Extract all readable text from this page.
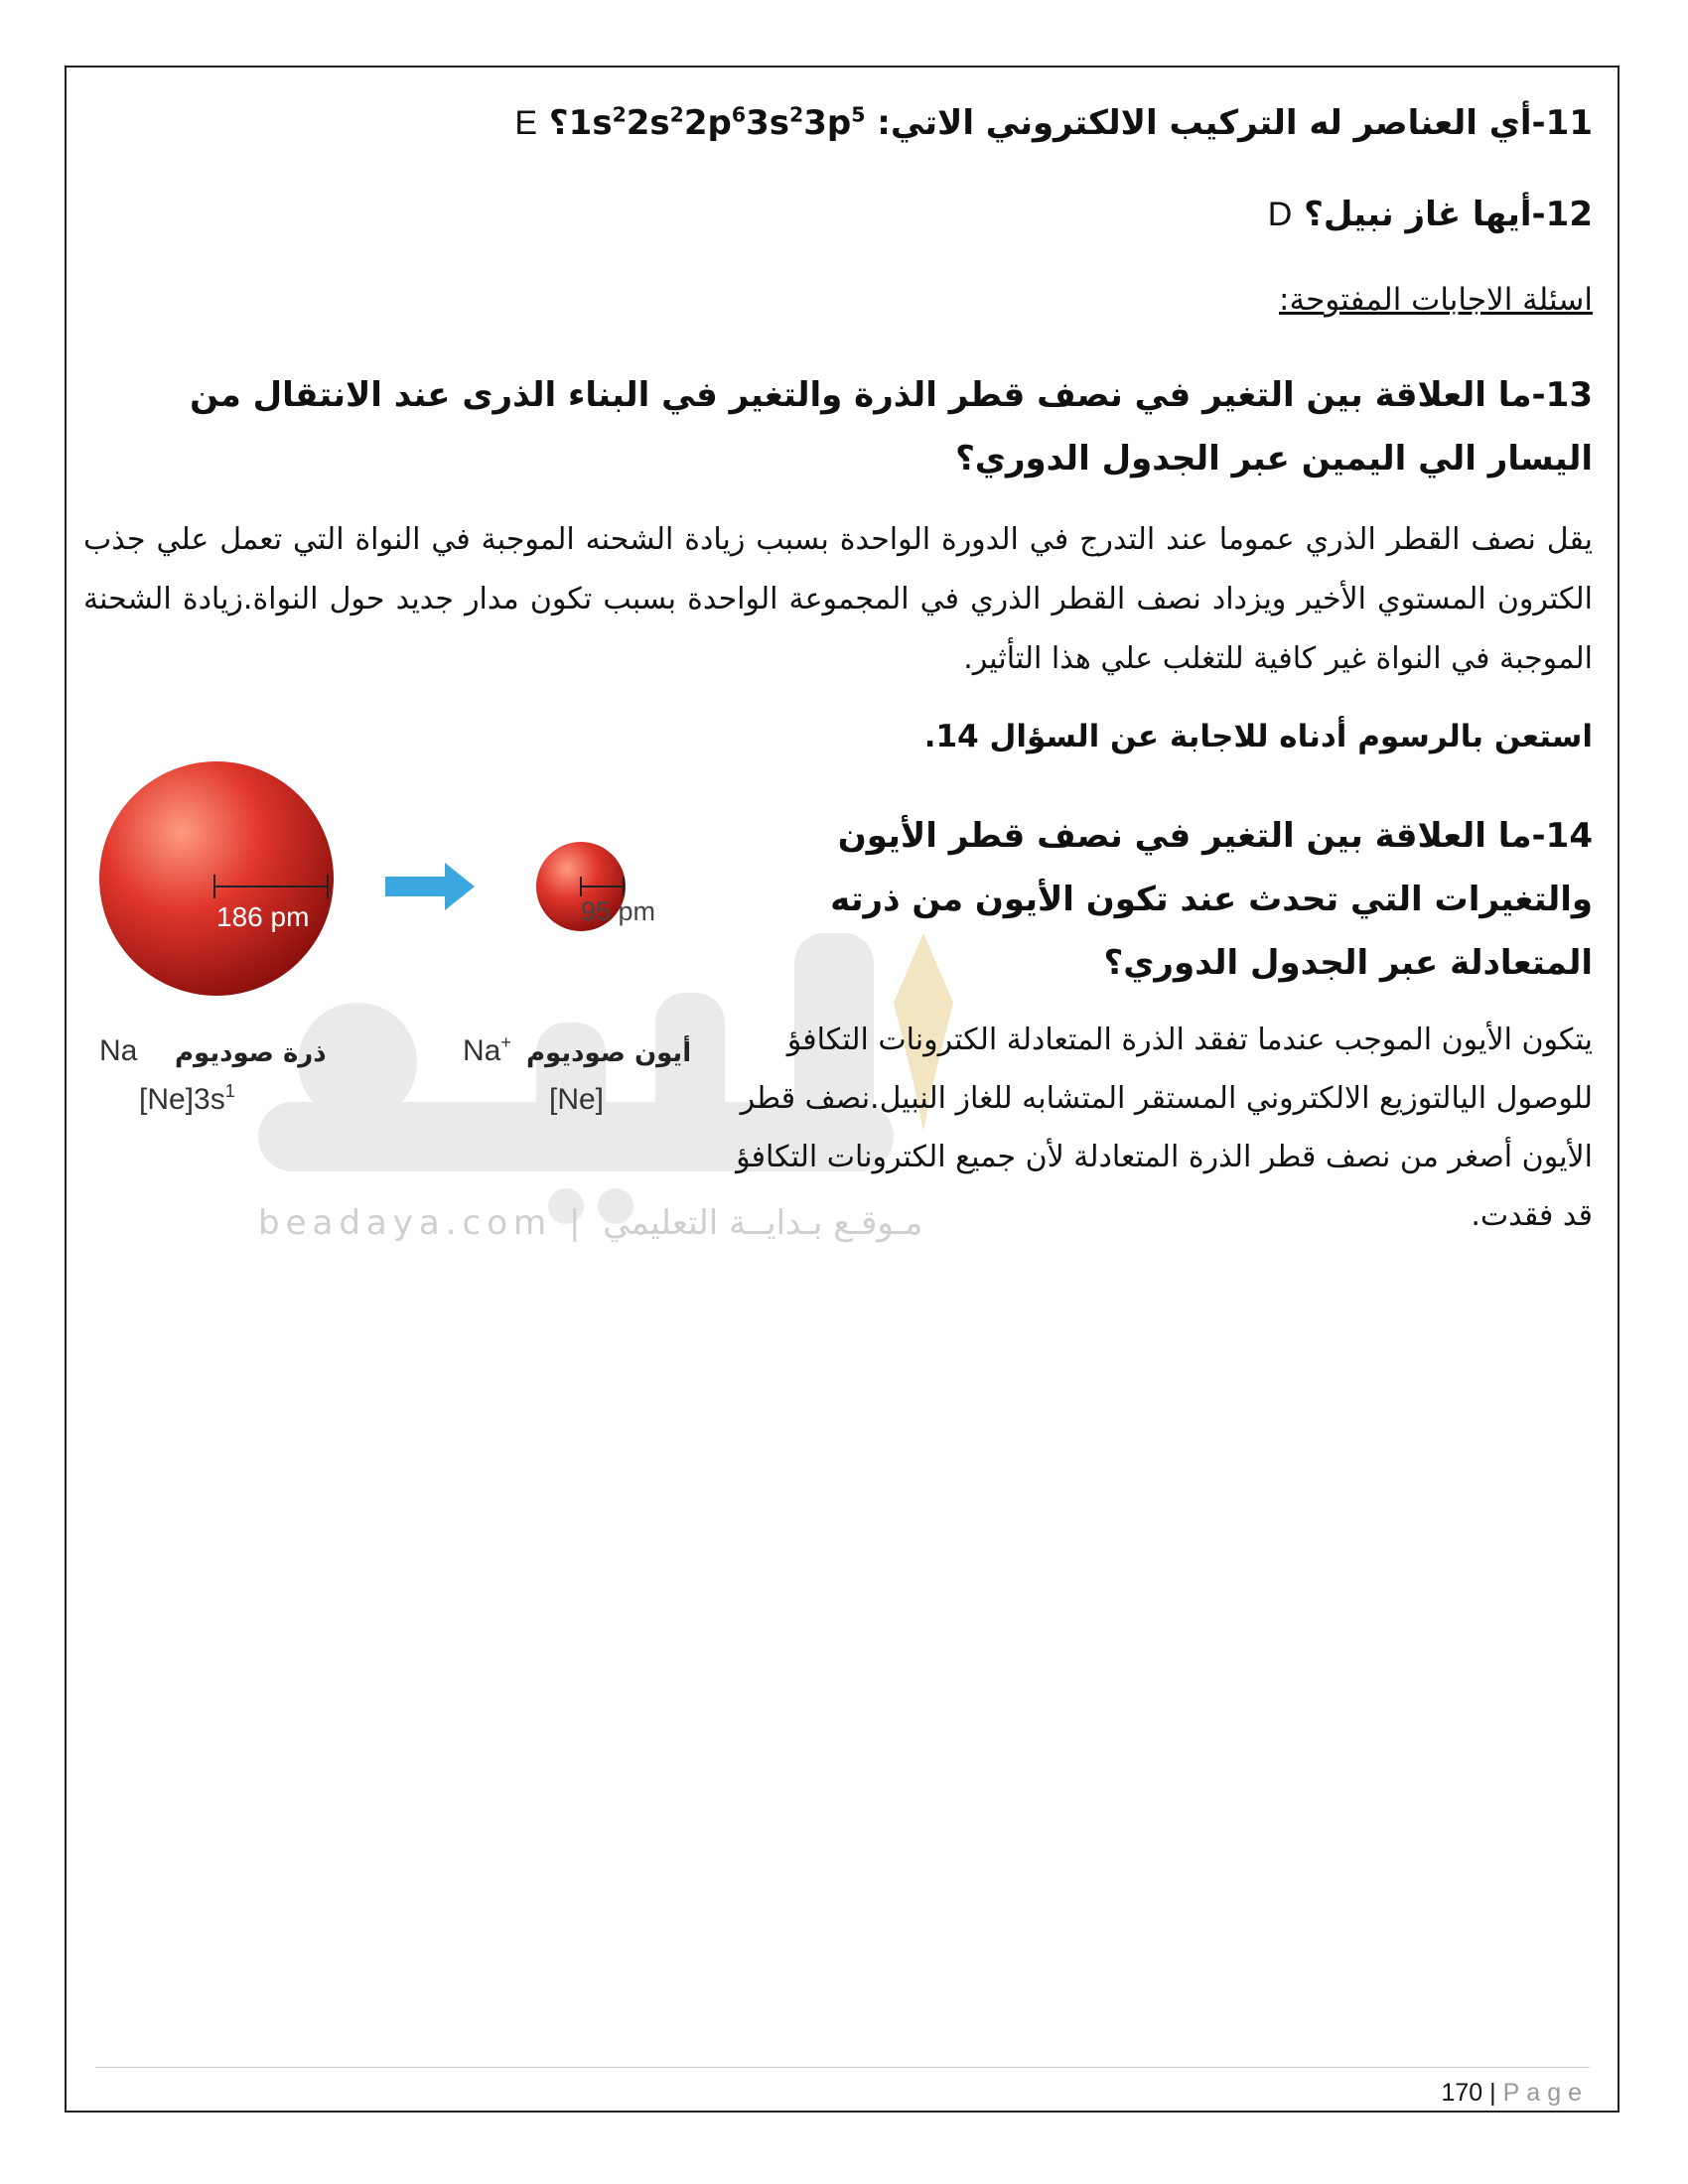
11-أي العناصر له التركيب الالكتروني الاتي: $1s^22s^22p^63s^23p^5؟$ E
12-أيها غاز نبيل؟ D
اسئلة الاجابات المفتوحة:
13-ما العلاقة بين التغير في نصف قطر الذرة والتغير في البناء الذرى عند الانتقال من اليسار الي اليمين عبر الجدول الدوري؟
يقل نصف القطر الذري عموما عند التدرج في الدورة الواحدة بسبب زيادة الشحنه الموجبة في النواة التي تعمل علي جذب الكترون المستوي الأخير ويزداد نصف القطر الذري في المجموعة الواحدة بسبب تكون مدار جديد حول النواة.زيادة الشحنة الموجبة في النواة غير كافية للتغلب علي هذا التأثير.
استعن بالرسوم أدناه للاجابة عن السؤال 14.
14-ما العلاقة بين التغير في نصف قطر الأيون والتغيرات التي تحدث عند تكون الأيون من ذرته المتعادلة عبر الجدول الدوري؟
يتكون الأيون الموجب عندما تفقد الذرة المتعادلة الكترونات التكافؤ للوصول اليالتوزيع الالكتروني المستقر المتشابه للغاز النبيل.نصف قطر الأيون أصغر من نصف قطر الذرة المتعادلة لأن جميع الكترونات التكافؤ قد فقدت.
186 pm	95 pm
Na ذرة صوديوم
$[Ne]3s^1$
Na+ أيون صوديوم
[Ne]
beadaya.com | مـوقـع بـدايــة التعليمي
170 | Page
